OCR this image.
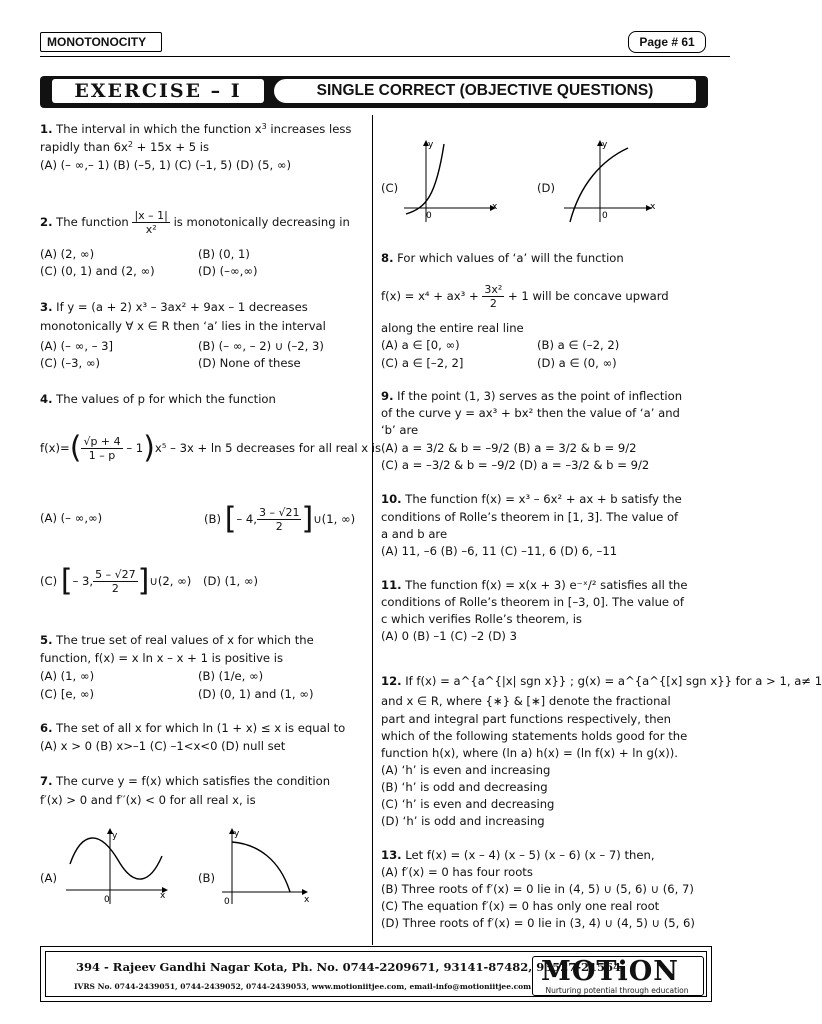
MONOTONOCITY	Page # 61
EXERCISE – I	SINGLE CORRECT (OBJECTIVE QUESTIONS)
1. The interval in which the function $x^3$ increases less
rapidly than $6x^2 + 15x + 5$ is
(A) (– ∞,– 1) (B) (–5, 1) (C) (–1, 5) (D) (5, ∞)
2. The function $\frac{|x - 1|}{\text{x²}}$ is monotonically decreasing in
(A) (2, ∞)	(B) (0, 1)
(C) (0, 1) and (2, ∞)	(D) (–∞,∞)
3. If y = (a + 2) x³ – 3ax² + 9ax – 1 decreases
monotonically ∀ x ∈ R then ‘a’ lies in the interval
(A) (– ∞, – 3]	(B) (– ∞, – 2) ∪ (–2, 3)
(C) (–3, ∞)	(D) None of these
4. The values of p for which the function
$f(x)=( \frac{√p + 4}{1 - p} - 1)x^5 - 3x + \ln 5$ decreases for all real x is
(A) (– ∞,∞)	(B) [– 4, $\frac{3 - √21}{2}$ ]∪(1, ∞)
(C) [– 3, $\frac{5 - √27}{2}$ ]∪(2, ∞) (D) (1, ∞)
5. The true set of real values of x for which the
function, f(x) = x ln x – x + 1 is positive is
(A) (1, ∞)	(B) (1/e, ∞)
(C) [e, ∞)	(D) (0, 1) and (1, ∞)
6. The set of all x for which ln (1 + x) ≤ x is equal to
(A) x > 0 (B) x>–1 (C) –1<x<0 (D) null set
7. The curve y = f(x) which satisfies the condition
f′(x) > 0 and f′′(x) < 0 for all real x, is
(A)
y
x
0
(B)
y
x
0
(C)
y
x
0
(D)
y
x
0
8. For which values of ‘a’ will the function
$f(x) = x^4 + ax^3 + \frac{\text{3x²}}{2} + 1$ will be concave upward
along the entire real line
(A) a ∈ [0, ∞)	(B) a ∈ (–2, 2)
(C) a ∈ [–2, 2]	(D) a ∈ (0, ∞)
9. If the point (1, 3) serves as the point of inflection
of the curve y = ax³ + bx² then the value of ‘a’ and
‘b’ are
(A) a = 3/2 & b = –9/2 (B) a = 3/2 & b = 9/2
(C) a = –3/2 & b = –9/2 (D) a = –3/2 & b = 9/2
10. The function f(x) = x³ – 6x² + ax + b satisfy the
conditions of Rolle’s theorem in [1, 3]. The value of
a and b are
(A) 11, –6 (B) –6, 11 (C) –11, 6 (D) 6, –11
11. The function f(x) = x(x + 3) e⁻ˣ/² satisfies all the
conditions of Rolle’s theorem in [–3, 0]. The value of
c which verifies Rolle’s theorem, is
(A) 0 (B) –1 (C) –2 (D) 3
12. If f(x) = a^{a^{|x| sgn x}} ; g(x) = a^{a^{[x] sgn x}} for a > 1, a≠ 1
and x ∈ R, where {∗} & [∗] denote the fractional
part and integral part functions respectively, then
which of the following statements holds good for the
function h(x), where (ln a) h(x) = (ln f(x) + ln g(x)).
(A) ‘h’ is even and increasing
(B) ‘h’ is odd and decreasing
(C) ‘h’ is even and decreasing
(D) ‘h’ is odd and increasing
13. Let f(x) = (x – 4) (x – 5) (x – 6) (x – 7) then,
(A) f′(x) = 0 has four roots
(B) Three roots of f′(x) = 0 lie in (4, 5) ∪ (5, 6) ∪ (6, 7)
(C) The equation f′(x) = 0 has only one real root
(D) Three roots of f′(x) = 0 lie in (3, 4) ∪ (4, 5) ∪ (5, 6)
394 - Rajeev Gandhi Nagar Kota, Ph. No. 0744-2209671, 93141-87482, 93527-21564
IVRS No. 0744-2439051, 0744-2439052, 0744-2439053, www.motioniitjee.com, email-info@motioniitjee.com MOTiON
Nurturing potential through education
